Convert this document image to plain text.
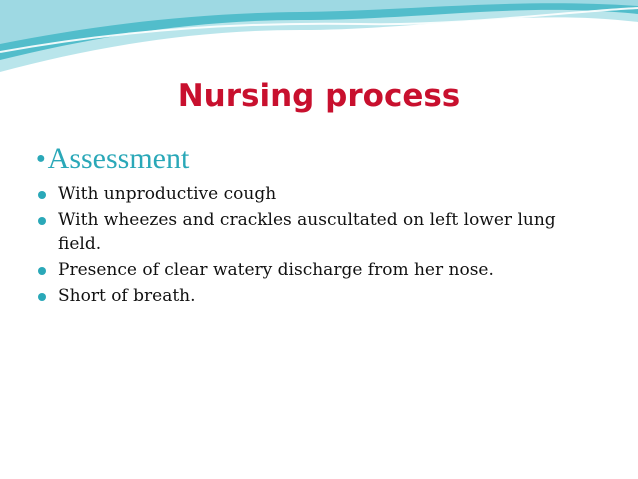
Nursing process
● Assessment
With unproductive cough
With wheezes and crackles auscultated on left lower lung field.
Presence of clear watery discharge from her nose.
Short of breath.
